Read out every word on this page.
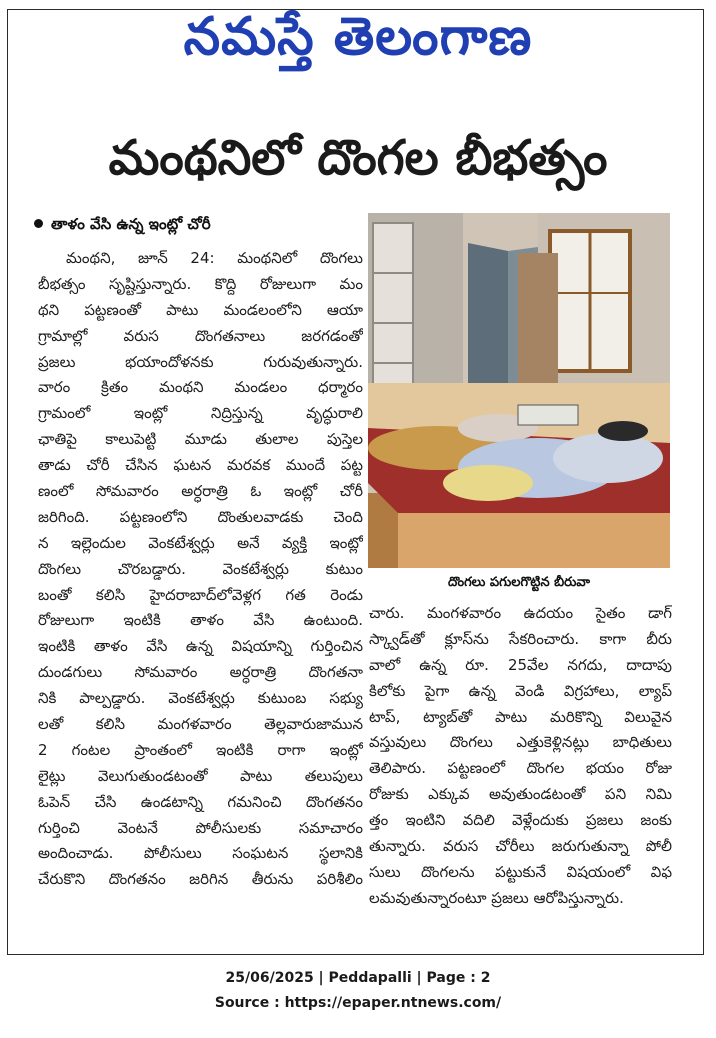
నమస్తే తెలంగాణ
మంథనిలో దొంగల బీభత్సం
తాళం వేసి ఉన్న ఇంట్లో చోరీ
మంథని, జూన్ 24: మంథనిలో దొంగలు
బీభత్సం సృష్టిస్తున్నారు. కొద్ది రోజులుగా మం
థని పట్టణంతో పాటు మండలంలోని ఆయా
గ్రామాల్లో వరుస దొంగతనాలు జరగడంతో
ప్రజలు భయాందోళనకు గురువుతున్నారు.
వారం క్రితం మంథని మండలం ధర్మారం
గ్రామంలో ఇంట్లో నిద్రిస్తున్న వృద్ధురాలి
ఛాతిపై కాలుపెట్టి మూడు తులాల పుస్తెల
తాడు చోరీ చేసిన ఘటన మరవక ముందే పట్ట
ణంలో సోమవారం అర్ధరాత్రి ఓ ఇంట్లో చోరీ
జరిగింది. పట్టణంలోని దొంతులవాడకు చెంది
న ఇల్లెందుల వెంకటేశ్వర్లు అనే వ్యక్తి ఇంట్లో
దొంగలు చొరబడ్డారు. వెంకటేశ్వర్లు కుటుం
బంతో కలిసి హైదరాబాద్‌లోవెళ్లగ గత రెండు
రోజులుగా ఇంటికి తాళం వేసి ఉంటుంది.
ఇంటికి తాళం వేసి ఉన్న విషయాన్ని గుర్తించిన
దుండగులు సోమవారం అర్ధరాత్రి దొంగతనా
నికి పాల్పడ్డారు. వెంకటేశ్వర్లు కుటుంబ సభ్యు
లతో కలిసి మంగళవారం తెల్లవారుజామున
2 గంటల ప్రాంతంలో ఇంటికి రాగా ఇంట్లో
లైట్లు వెలుగుతుండటంతో పాటు తలుపులు
ఓపెన్ చేసి ఉండటాన్ని గమనించి దొంగతనం
గుర్తించి వెంటనే పోలీసులకు సమాచారం
అందించాడు. పోలీసులు సంఘటన స్థలానికి
చేరుకొని దొంగతనం జరిగిన తీరును పరిశీలిం
దొంగలు పగులగొట్టిన బీరువా
చారు. మంగళవారం ఉదయం సైతం డాగ్
స్క్వాడ్‌తో క్లూస్‌ను సేకరించారు. కాగా బీరు
వాలో ఉన్న రూ. 25వేల నగదు, దాదాపు
కిలోకు పైగా ఉన్న వెండి విగ్రహాలు, ల్యాప్
టాప్, ట్యాబ్‌తో పాటు మరికొన్ని విలువైన
వస్తువులు దొంగలు ఎత్తుకెళ్లినట్లు బాధితులు
తెలిపారు. పట్టణంలో దొంగల భయం రోజు
రోజుకు ఎక్కువ అవుతుండటంతో పని నిమి
త్తం ఇంటిని వదిలి వెళ్లేందుకు ప్రజలు జంకు
తున్నారు. వరుస చోరీలు జరుగుతున్నా పోలీ
సులు దొంగలను పట్టుకునే విషయంలో విఫ
లమవుతున్నారంటూ ప్రజలు ఆరోపిస్తున్నారు.
25/06/2025 | Peddapalli | Page : 2
Source : https://epaper.ntnews.com/
